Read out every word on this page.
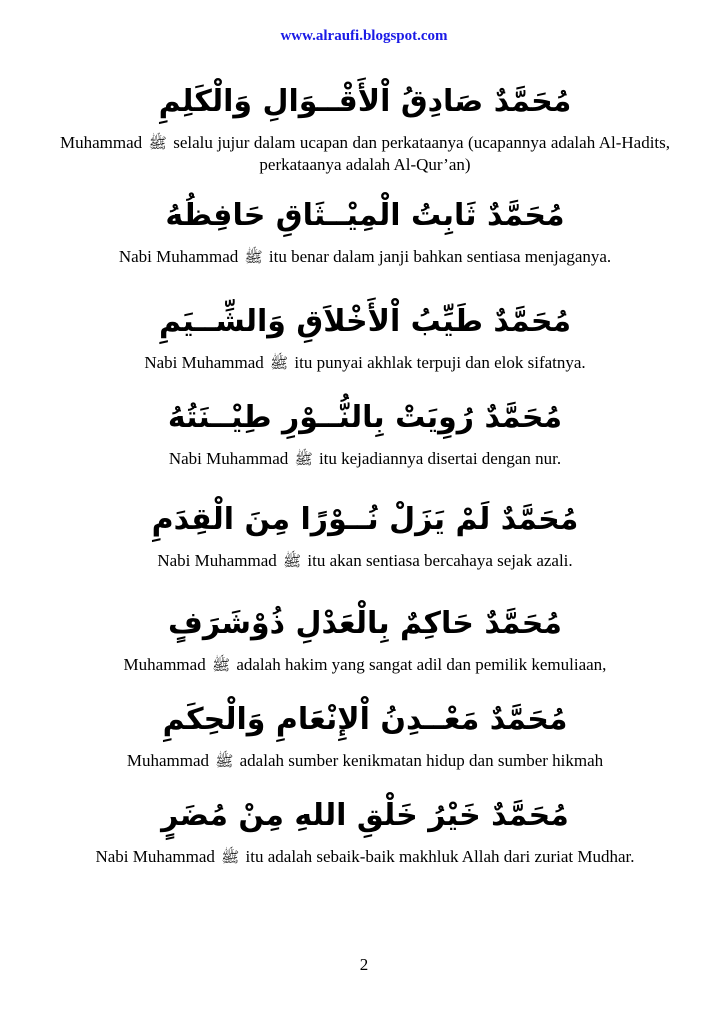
www.alraufi.blogspot.com
مُحَمَّدٌ صَادِقُ اْلأَقْــوَالِ وَالْكَلِمِ
Muhammad ﷺ selalu jujur dalam ucapan dan perkataanya (ucapannya adalah Al-Hadits, perkataanya adalah Al-Qur’an)
مُحَمَّدٌ ثَابِتُ الْمِيْــثَاقِ حَافِظُهُ
Nabi Muhammad ﷺ itu benar dalam janji bahkan sentiasa menjaganya.
مُحَمَّدٌ طَيِّبُ اْلأَخْلاَقِ وَالشِّــيَمِ
Nabi Muhammad ﷺ itu punyai akhlak terpuji dan elok sifatnya.
مُحَمَّدٌ رُوِيَتْ بِالنُّــوْرِ طِيْــنَتُهُ
Nabi Muhammad ﷺ itu kejadiannya disertai dengan nur.
مُحَمَّدٌ لَمْ يَزَلْ نُــوْرًا مِنَ الْقِدَمِ
Nabi Muhammad ﷺ itu akan sentiasa bercahaya sejak azali.
مُحَمَّدٌ حَاكِمٌ بِالْعَدْلِ ذُوْشَرَفٍ
Muhammad ﷺ adalah hakim yang sangat adil dan pemilik kemuliaan,
مُحَمَّدٌ مَعْــدِنُ اْلإِنْعَامِ وَالْحِكَمِ
Muhammad ﷺ adalah sumber kenikmatan hidup dan sumber hikmah
مُحَمَّدٌ خَيْرُ خَلْقِ اللهِ مِنْ مُضَرٍ
Nabi Muhammad ﷺ itu adalah sebaik-baik makhluk Allah dari zuriat Mudhar.
2
